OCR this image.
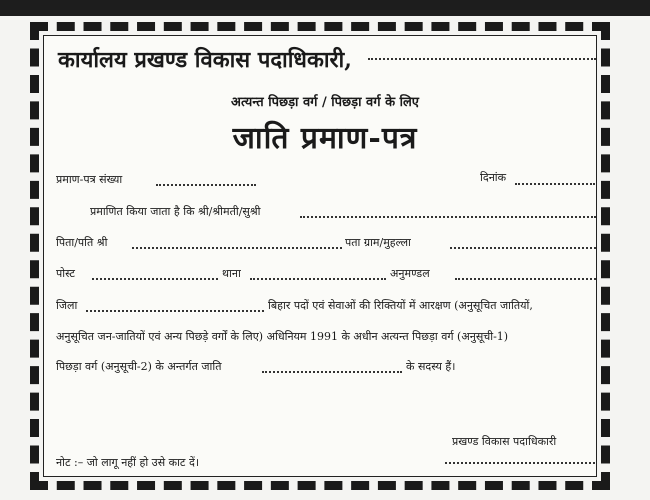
कार्यालय प्रखण्ड विकास पदाधिकारी,
अत्यन्त पिछड़ा वर्ग / पिछड़ा वर्ग के लिए
जाति प्रमाण-पत्र
प्रमाण-पत्र संख्या	दिनांक
प्रमाणित किया जाता है कि श्री/श्रीमती/सुश्री
पिता/पति श्री	पता ग्राम/मुहल्ला
पोस्ट	थाना	अनुमण्डल
जिला	बिहार पदों एवं सेवाओं की रिक्तियों में आरक्षण (अनुसूचित जातियों,
अनुसूचित जन-जातियों एवं अन्य पिछड़े वर्गों के लिए) अधिनियम 1991 के अधीन अत्यन्त पिछड़ा वर्ग (अनुसूची-1)
पिछड़ा वर्ग (अनुसूची-2) के अन्तर्गत जाति	के सदस्य हैं।
प्रखण्ड विकास पदाधिकारी
नोट :– जो लागू नहीं हो उसे काट दें।
